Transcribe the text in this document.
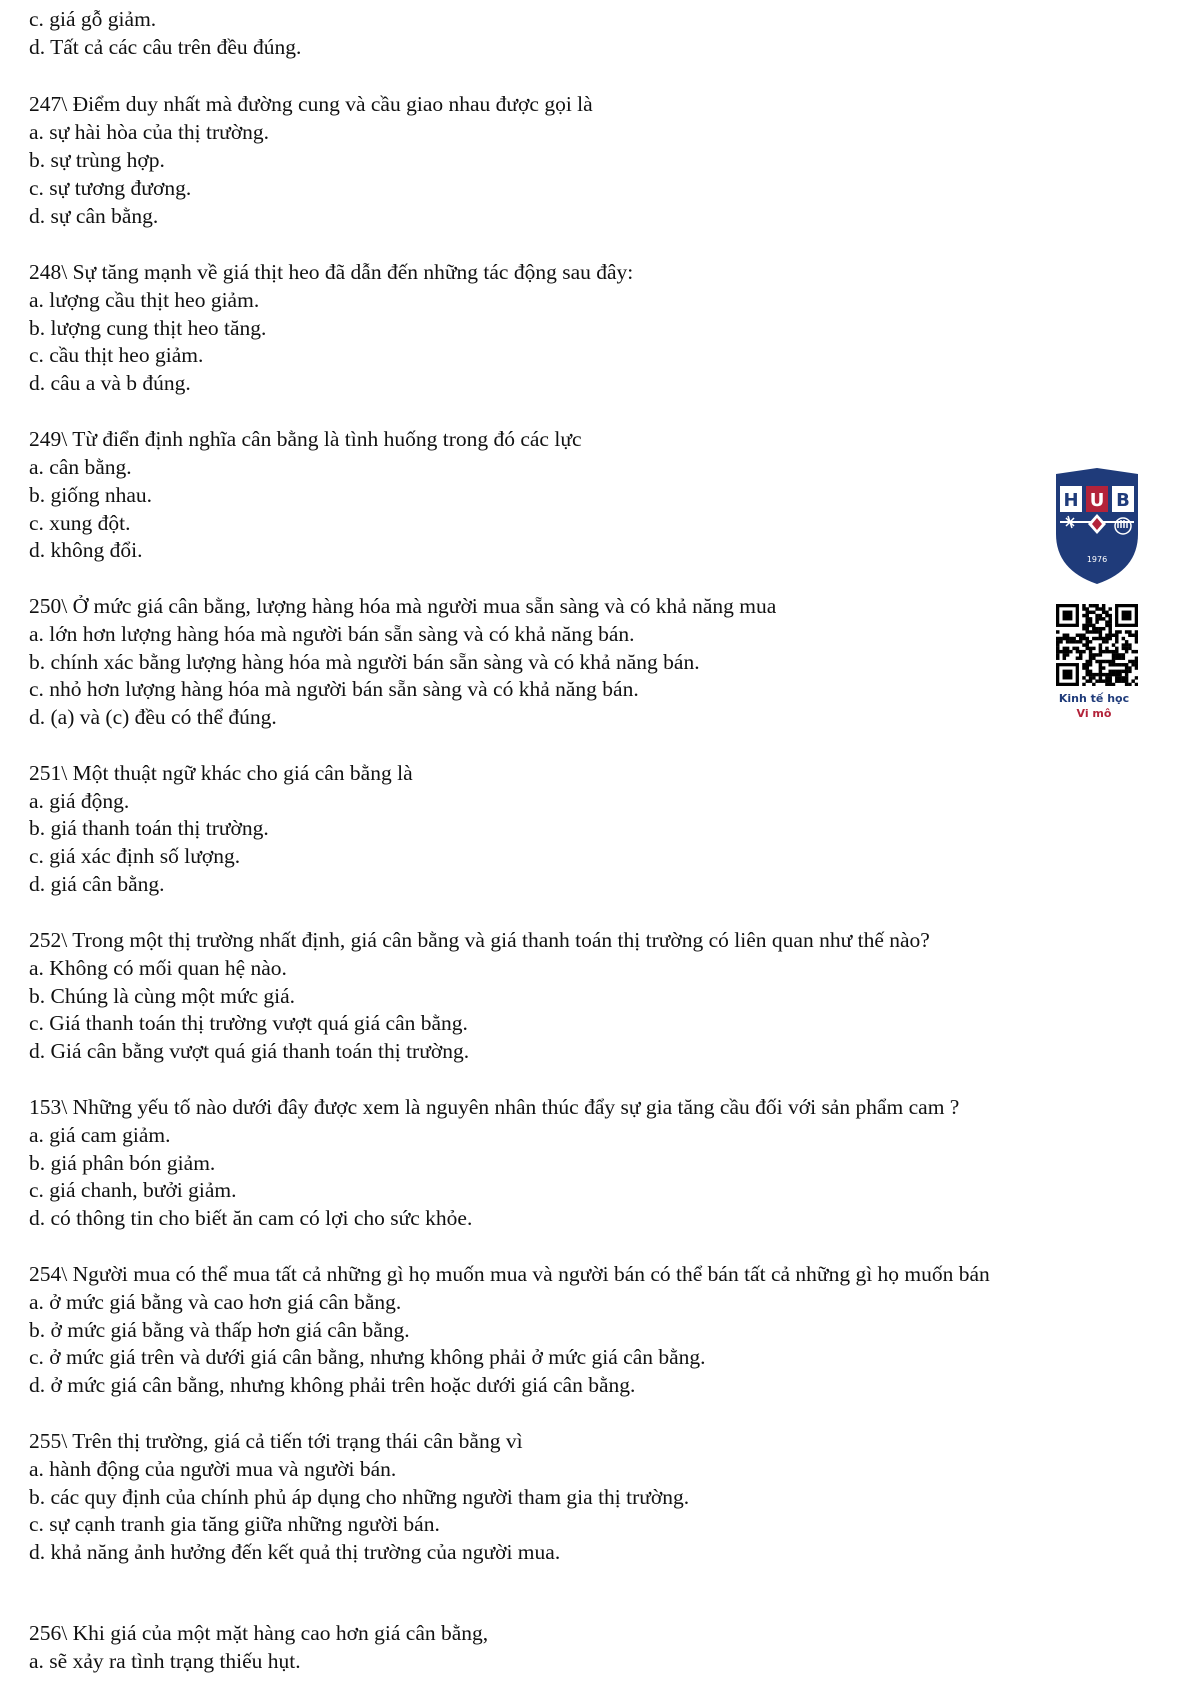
c. giá gỗ giảm.

d. Tất cả các câu trên đều đúng.

247\ Điểm duy nhất mà đường cung và cầu giao nhau được gọi là

a. sự hài hòa của thị trường.

b. sự trùng hợp.

c. sự tương đương.

d. sự cân bằng.

248\ Sự tăng mạnh về giá thịt heo đã dẫn đến những tác động sau đây:

a. lượng cầu thịt heo giảm.

b. lượng cung thịt heo tăng.

c. cầu thịt heo giảm.

d. câu a và b đúng.

249\ Từ điển định nghĩa cân bằng là tình huống trong đó các lực

a. cân bằng.

b. giống nhau.

c. xung đột.

d. không đổi.

250\ Ở mức giá cân bằng, lượng hàng hóa mà người mua sẵn sàng và có khả năng mua

a. lớn hơn lượng hàng hóa mà người bán sẵn sàng và có khả năng bán.

b. chính xác bằng lượng hàng hóa mà người bán sẵn sàng và có khả năng bán.

c. nhỏ hơn lượng hàng hóa mà người bán sẵn sàng và có khả năng bán.

d. (a) và (c) đều có thể đúng.

251\ Một thuật ngữ khác cho giá cân bằng là

a. giá động.

b. giá thanh toán thị trường.

c. giá xác định số lượng.

d. giá cân bằng.

252\ Trong một thị trường nhất định, giá cân bằng và giá thanh toán thị trường có liên quan như thế nào?

a. Không có mối quan hệ nào.

b. Chúng là cùng một mức giá.

c. Giá thanh toán thị trường vượt quá giá cân bằng.

d. Giá cân bằng vượt quá giá thanh toán thị trường.

153\ Những yếu tố nào dưới đây được xem là nguyên nhân thúc đẩy sự gia tăng cầu đối với sản phẩm cam ?

a. giá cam giảm.

b. giá phân bón giảm.

c. giá chanh, bưởi giảm.

d. có thông tin cho biết ăn cam có lợi cho sức khỏe.

254\ Người mua có thể mua tất cả những gì họ muốn mua và người bán có thể bán tất cả những gì họ muốn bán

a. ở mức giá bằng và cao hơn giá cân bằng.

b. ở mức giá bằng và thấp hơn giá cân bằng.

c. ở mức giá trên và dưới giá cân bằng, nhưng không phải ở mức giá cân bằng.

d. ở mức giá cân bằng, nhưng không phải trên hoặc dưới giá cân bằng.

255\ Trên thị trường, giá cả tiến tới trạng thái cân bằng vì

a. hành động của người mua và người bán.

b. các quy định của chính phủ áp dụng cho những người tham gia thị trường.

c. sự cạnh tranh gia tăng giữa những người bán.

d. khả năng ảnh hưởng đến kết quả thị trường của người mua.

256\ Khi giá của một mặt hàng cao hơn giá cân bằng,

a. sẽ xảy ra tình trạng thiếu hụt.

H U B
1976
Kinh tế học
Vi mô
